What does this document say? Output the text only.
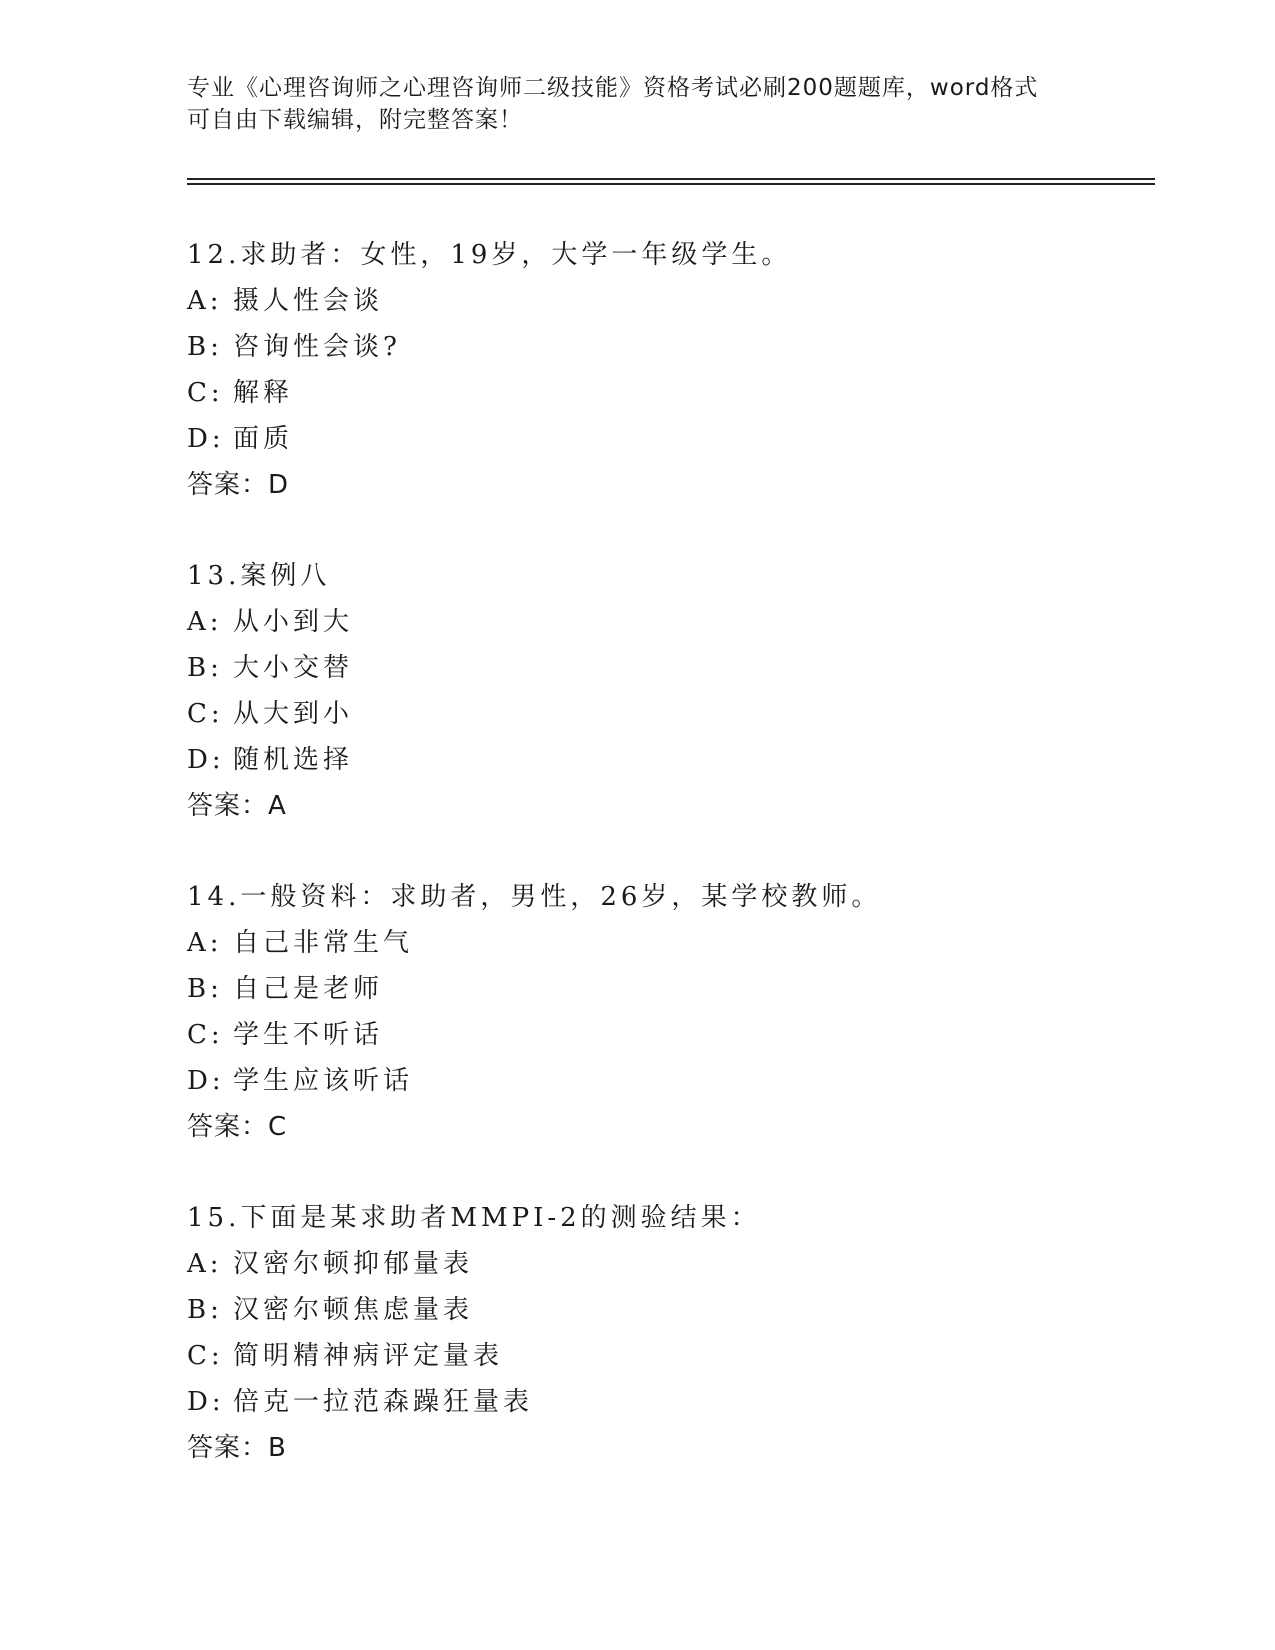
专业《心理咨询师之心理咨询师二级技能》资格考试必刷200题题库，word格式
可自由下载编辑，附完整答案！
12.求助者：女性，19岁，大学一年级学生。
A: 摄人性会谈
B: 咨询性会谈?
C: 解释
D: 面质
答案：D
13.案例八
A: 从小到大
B: 大小交替
C: 从大到小
D: 随机选择
答案：A
14.一般资料：求助者，男性，26岁，某学校教师。
A: 自己非常生气
B: 自己是老师
C: 学生不听话
D: 学生应该听话
答案：C
15.下面是某求助者MMPI-2的测验结果：
A: 汉密尔顿抑郁量表
B: 汉密尔顿焦虑量表
C: 简明精神病评定量表
D: 倍克一拉范森躁狂量表
答案：B
